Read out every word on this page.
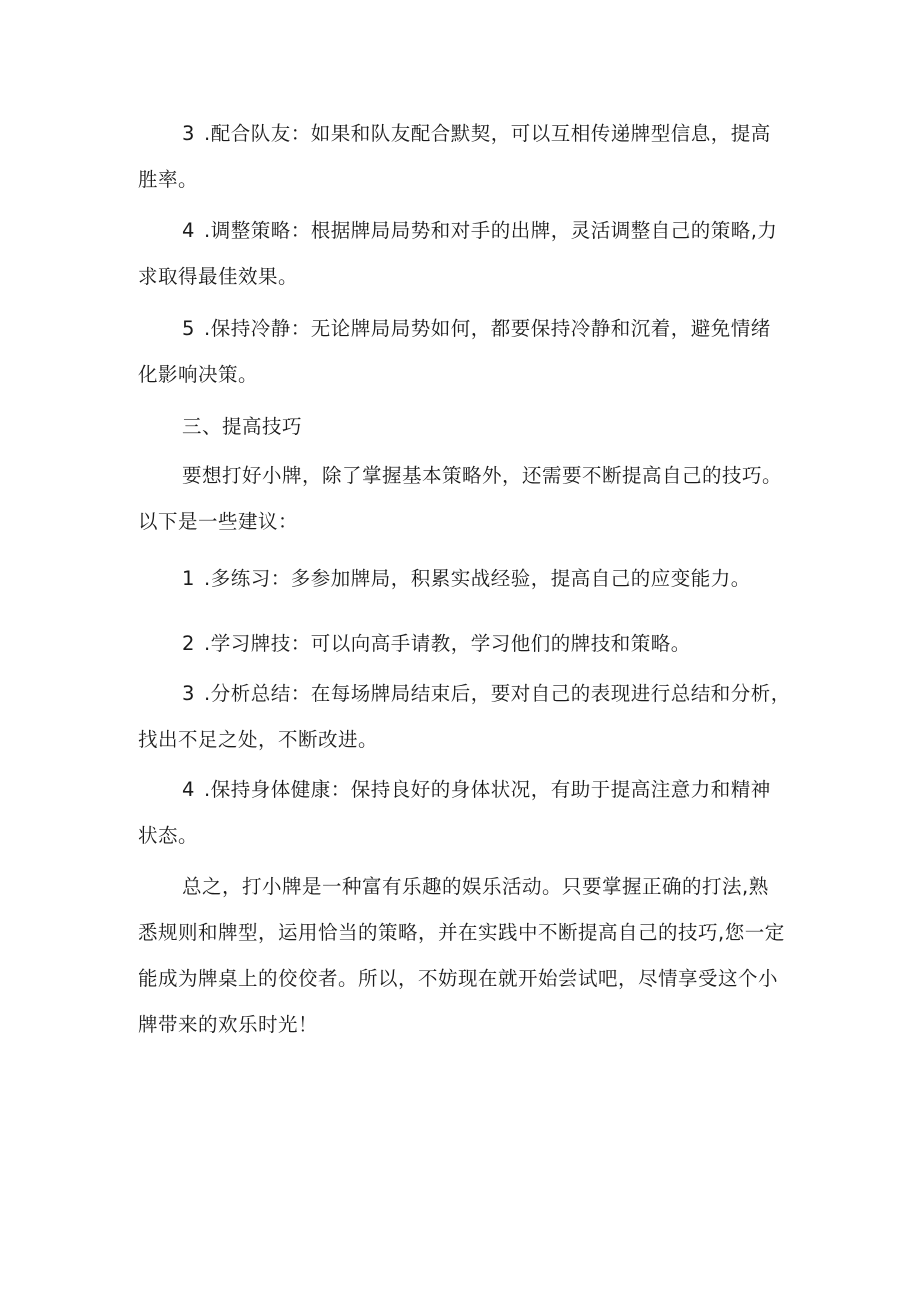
3 .配合队友：如果和队友配合默契，可以互相传递牌型信息，提高
胜率。
4 .调整策略：根据牌局局势和对手的出牌，灵活调整自己的策略,力
求取得最佳效果。
5 .保持冷静：无论牌局局势如何，都要保持冷静和沉着，避免情绪
化影响决策。
三、提高技巧
要想打好小牌，除了掌握基本策略外，还需要不断提高自己的技巧。
以下是一些建议：
1 .多练习：多参加牌局，积累实战经验，提高自己的应变能力。
2 .学习牌技：可以向高手请教，学习他们的牌技和策略。
3 .分析总结：在每场牌局结束后，要对自己的表现进行总结和分析，
找出不足之处，不断改进。
4 .保持身体健康：保持良好的身体状况，有助于提高注意力和精神
状态。
总之，打小牌是一种富有乐趣的娱乐活动。只要掌握正确的打法,熟
悉规则和牌型，运用恰当的策略，并在实践中不断提高自己的技巧,您一定
能成为牌桌上的佼佼者。所以，不妨现在就开始尝试吧，尽情享受这个小
牌带来的欢乐时光！
